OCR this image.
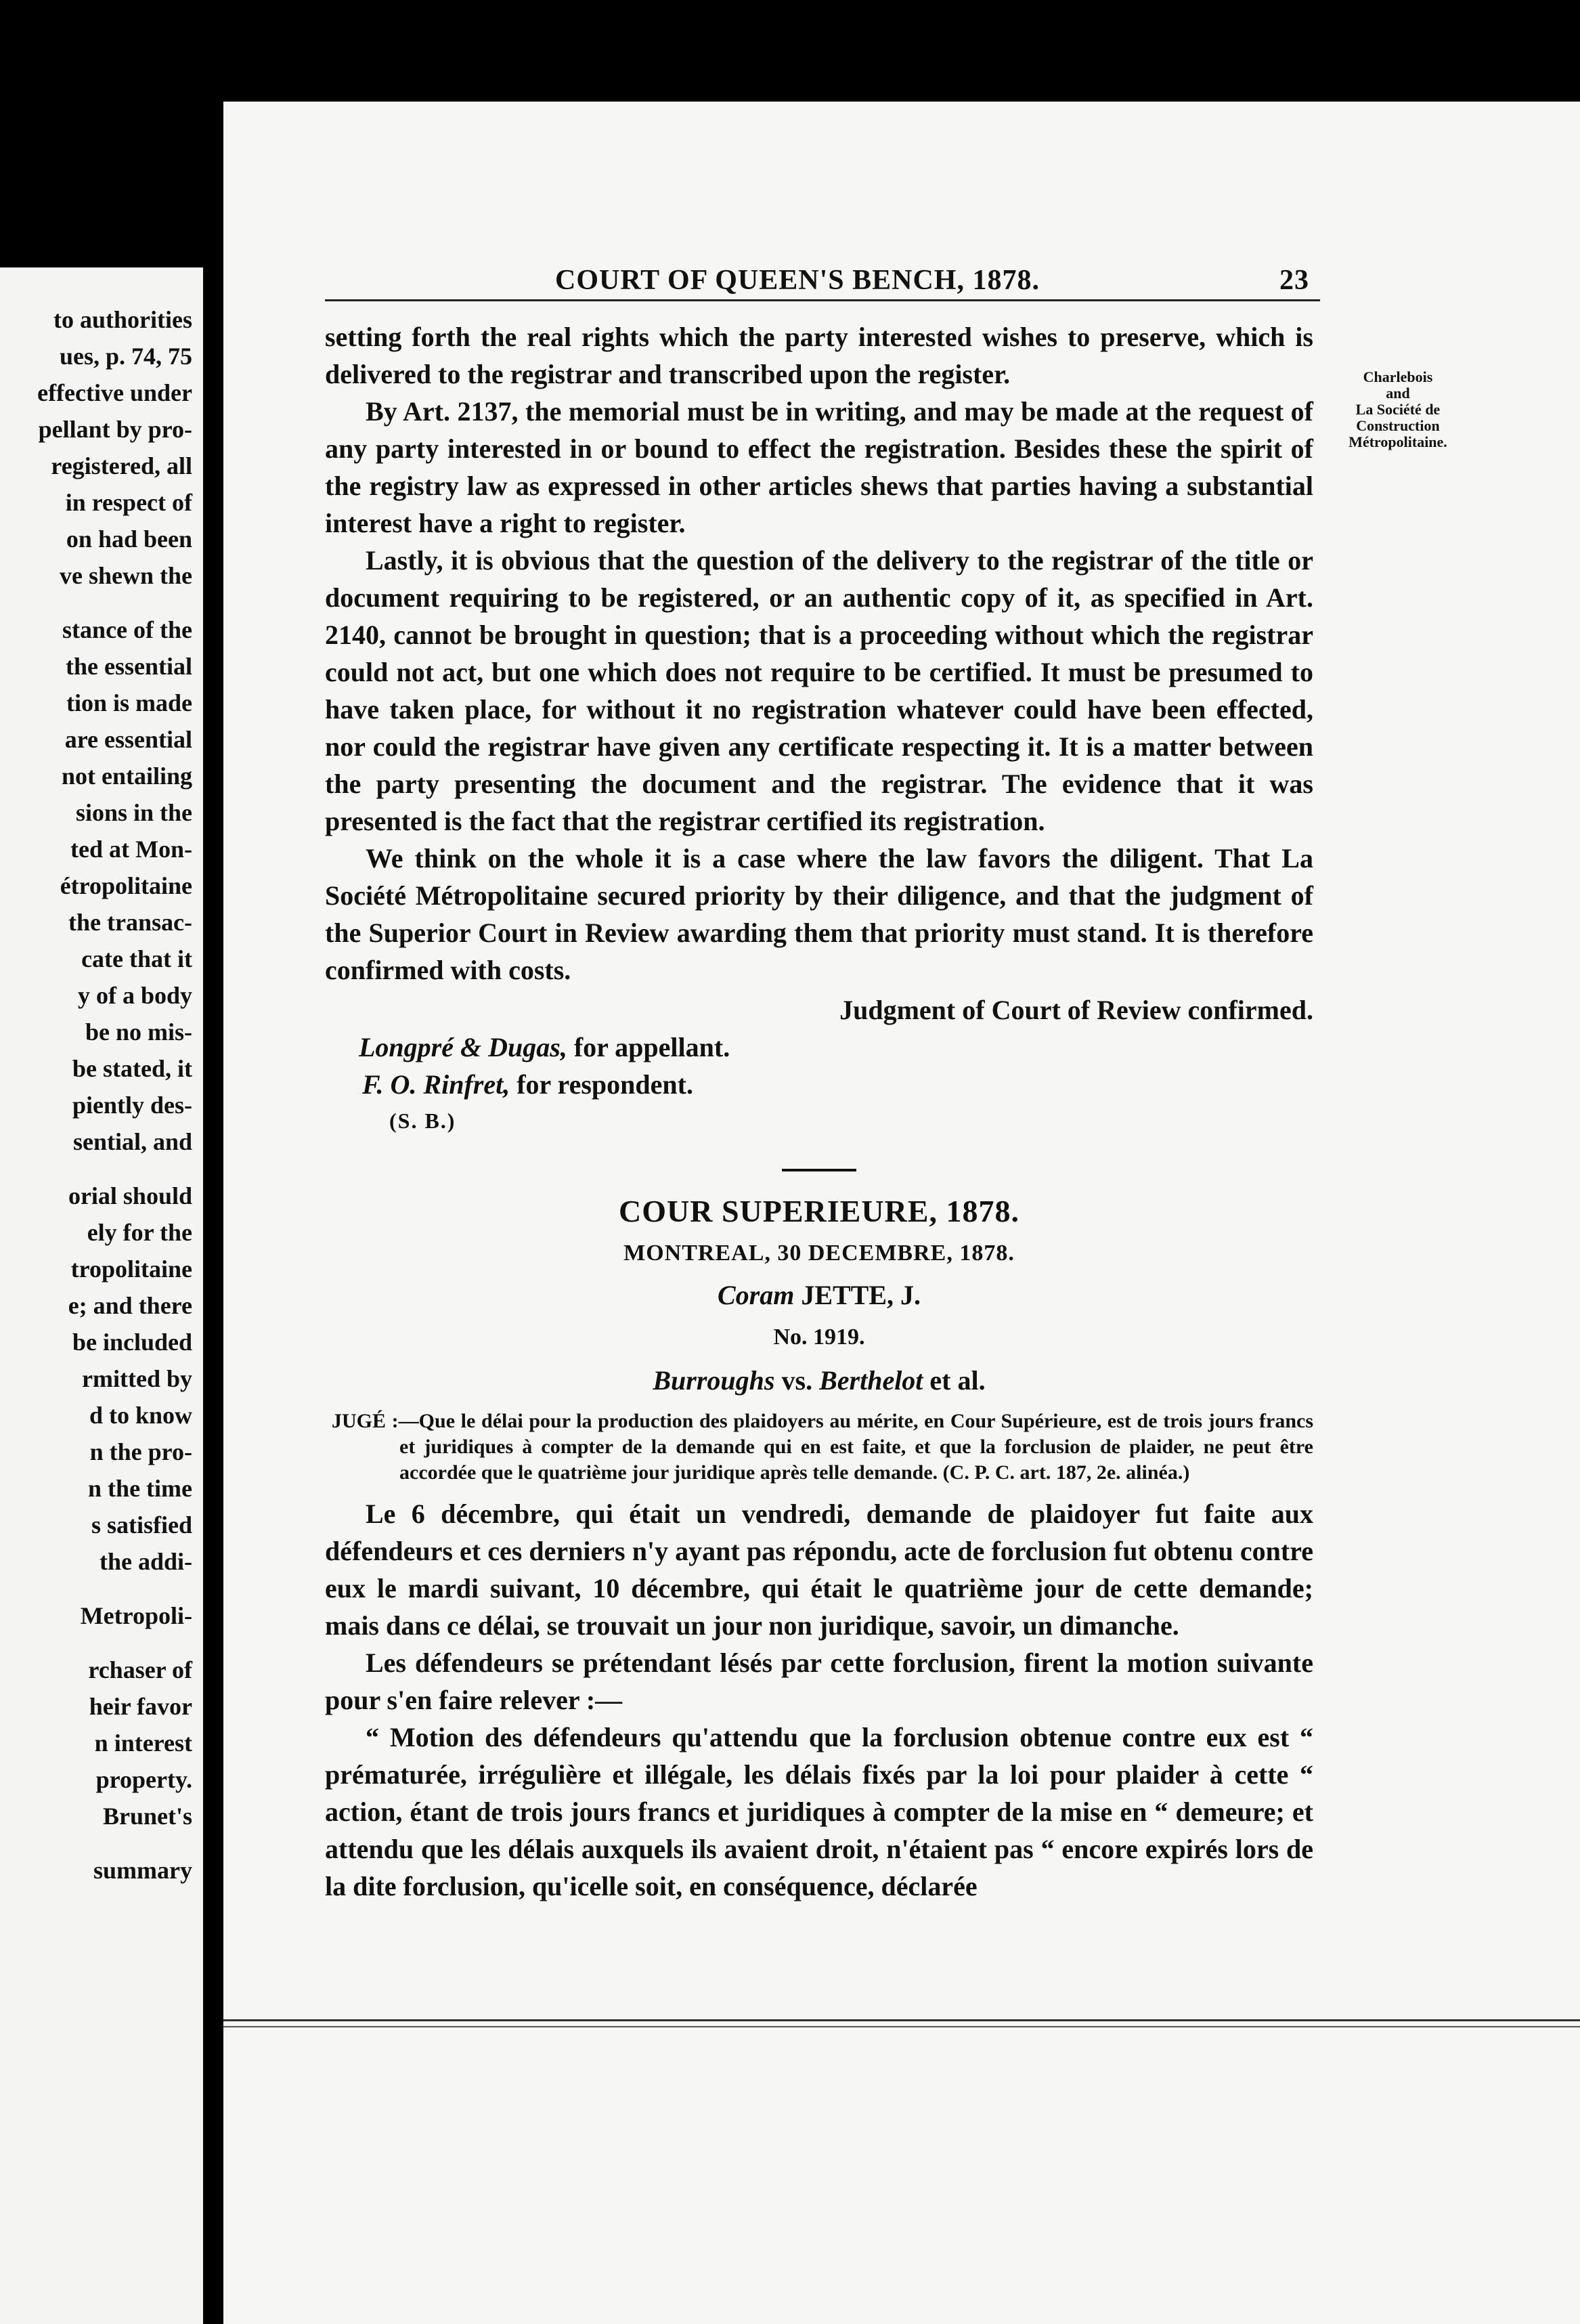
to authorities
ues, p. 74, 75
effective under
pellant by pro-
registered, all
in respect of
on had been
ve shewn the
stance of the
the essential
tion is made
are essential
not entailing
sions in the
ted at Mon-
étropolitaine
the transac-
cate that it
y of a body
be no mis-
be stated, it
piently des-
sential, and
orial should
ely for the
tropolitaine
e; and there
be included
rmitted by
d to know
n the pro-
n the time
s satisfied
the addi-
Metropoli-
rchaser of
heir favor
n interest
property.
Brunet's
summary
COURT OF QUEEN'S BENCH, 1878.	23
Charlebois
and
La Société de
Construction
Métropolitaine.

setting forth the real rights which the party interested wishes to preserve, which is delivered to the registrar and transcribed upon the register.

By Art. 2137, the memorial must be in writing, and may be made at the request of any party interested in or bound to effect the registration. Besides these the spirit of the registry law as expressed in other articles shews that parties having a substantial interest have a right to register.

Lastly, it is obvious that the question of the delivery to the registrar of the title or document requiring to be registered, or an authentic copy of it, as specified in Art. 2140, cannot be brought in question; that is a proceeding without which the registrar could not act, but one which does not require to be certified. It must be presumed to have taken place, for without it no registration whatever could have been effected, nor could the registrar have given any certificate respecting it. It is a matter between the party presenting the document and the registrar. The evidence that it was presented is the fact that the registrar certified its registration.

We think on the whole it is a case where the law favors the diligent. That La Société Métropolitaine secured priority by their diligence, and that the judgment of the Superior Court in Review awarding them that priority must stand. It is therefore confirmed with costs.

Judgment of Court of Review confirmed.

Longpré & Dugas, for appellant.
F. O. Rinfret, for respondent.
(S. B.)

COUR SUPERIEURE, 1878.

MONTREAL, 30 DECEMBRE, 1878.

Coram JETTE, J.

No. 1919.

Burroughs vs. Berthelot et al.

JUGÉ :—Que le délai pour la production des plaidoyers au mérite, en Cour Supérieure, est de trois jours francs et juridiques à compter de la demande qui en est faite, et que la forclusion de plaider, ne peut être accordée que le quatrième jour juridique après telle demande. (C. P. C. art. 187, 2e. alinéa.)

Le 6 décembre, qui était un vendredi, demande de plaidoyer fut faite aux défendeurs et ces derniers n'y ayant pas répondu, acte de forclusion fut obtenu contre eux le mardi suivant, 10 décembre, qui était le quatrième jour de cette demande; mais dans ce délai, se trouvait un jour non juridique, savoir, un dimanche.

Les défendeurs se prétendant lésés par cette forclusion, firent la motion suivante pour s'en faire relever :—

“ Motion des défendeurs qu'attendu que la forclusion obtenue contre eux est “ prématurée, irrégulière et illégale, les délais fixés par la loi pour plaider à cette “ action, étant de trois jours francs et juridiques à compter de la mise en “ demeure; et attendu que les délais auxquels ils avaient droit, n'étaient pas “ encore expirés lors de la dite forclusion, qu'icelle soit, en conséquence, déclarée
